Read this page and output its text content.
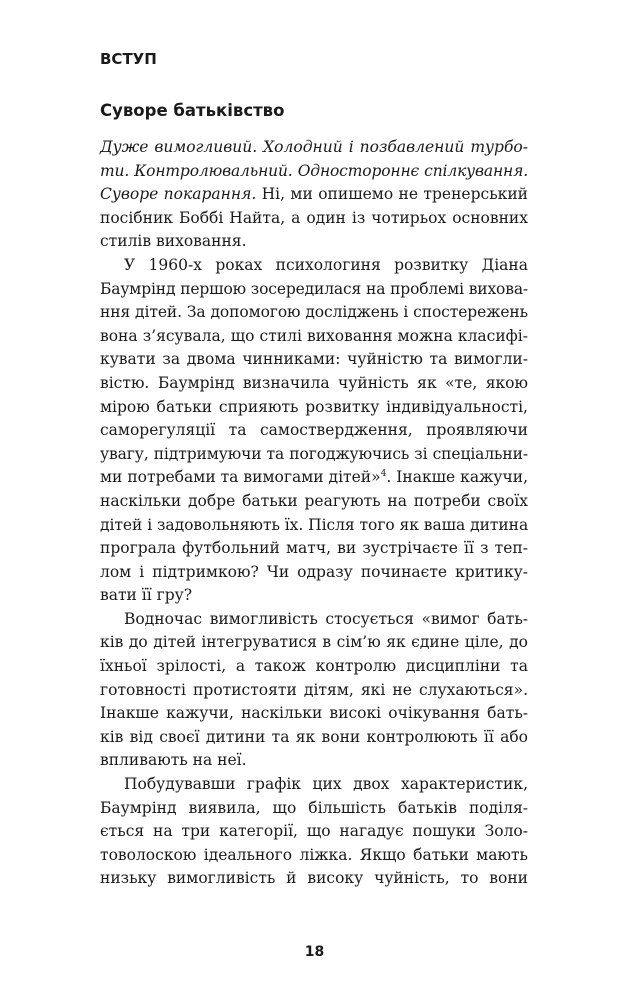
ВСТУП
Суворе батьківство
Дуже вимогливий. Холодний і позбавлений турбо-
ти. Контролювальний. Одностороннє спілкування.
Суворе покарання. Ні, ми опишемо не тренерський
посібник Боббі Найта, а один із чотирьох основних
стилів виховання.
У 1960-х роках психологиня розвитку Діана
Баумрінд першою зосередилася на проблемі вихова-
ння дітей. За допомогою досліджень і спостережень
вона з’ясувала, що стилі виховання можна класифі-
кувати за двома чинниками: чуйністю та вимогли-
вістю. Баумрінд визначила чуйність як «те, якою
мірою батьки сприяють розвитку індивідуальності,
саморегуляції та самоствердження, проявляючи
увагу, підтримуючи та погоджуючись зі спеціальни-
ми потребами та вимогами дітей»$^4$. Інакше кажучи,
наскільки добре батьки реагують на потреби своїх
дітей і задовольняють їх. Після того як ваша дитина
програла футбольний матч, ви зустрічаєте її з теп-
лом і підтримкою? Чи одразу починаєте критику-
вати її гру?
Водночас вимогливість стосується «вимог бать-
ків до дітей інтегруватися в сім’ю як єдине ціле, до
їхньої зрілості, а також контролю дисципліни та
готовності протистояти дітям, які не слухаються».
Інакше кажучи, наскільки високі очікування бать-
ків від своєї дитини та як вони контролюють її або
впливають на неї.
Побудувавши графік цих двох характеристик,
Баумрінд виявила, що більшість батьків поділя-
ється на три категорії, що нагадує пошуки Золо-
товолоскою ідеального ліжка. Якщо батьки мають
низьку вимогливість й високу чуйність, то вони
18
